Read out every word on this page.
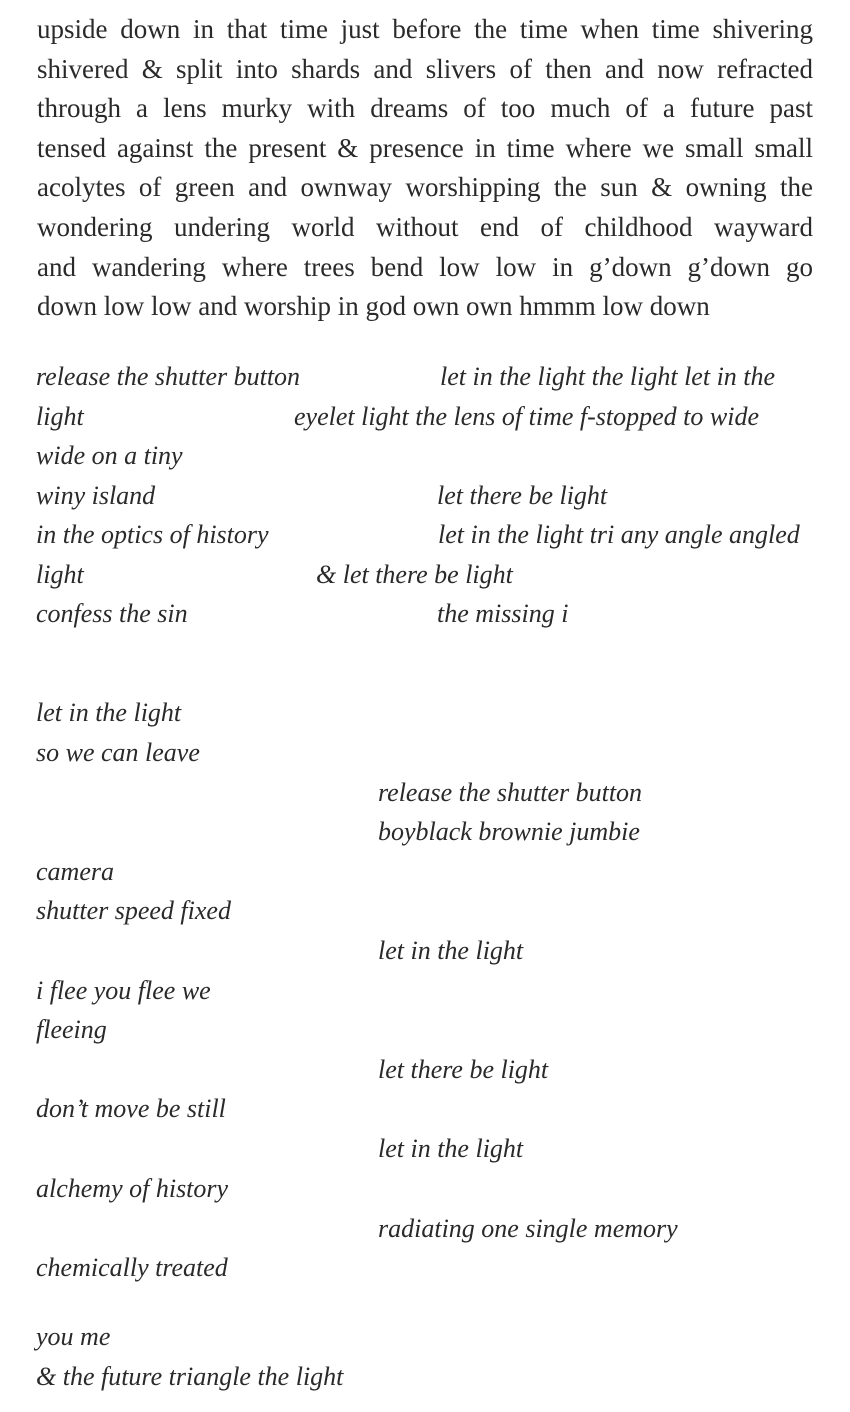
upside down in that time just before the time when time shivering
shivered & split into shards and slivers of then and now refracted
through a lens murky with dreams of too much of a future past
tensed against the present & presence in time where we small small
acolytes of green and ownway worshipping the sun & owning the
wondering undering world without end of childhood wayward
and wandering where trees bend low low in g’down g’down go
down low low and worship in god own own hmmm low down
release the shutter button	let in the light the light let in the
light	eyelet light the lens of time f-stopped to wide
wide on a tiny
winy island	let there be light
in the optics of history	let in the light tri any angle angled
light	& let there be light
confess the sin	the missing i
let in the light
so we can leave
release the shutter button
boyblack brownie jumbie
camera
shutter speed fixed
let in the light
i flee you flee we
fleeing
let there be light
don’t move be still
let in the light
alchemy of history
radiating one single memory
chemically treated
you me
& the future triangle the light
